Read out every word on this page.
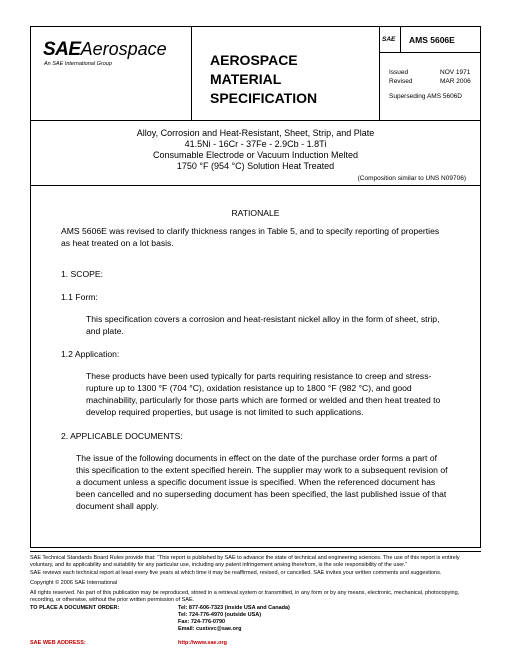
SAEAerospace
An SAE International Group	AEROSPACE
MATERIAL
SPECIFICATION
SAE	AMS 5606E
Issued	NOV 1971
Revised	MAR 2006
Superseding AMS 5606D
Alloy, Corrosion and Heat-Resistant, Sheet, Strip, and Plate
41.5Ni - 16Cr - 37Fe - 2.9Cb - 1.8Ti
Consumable Electrode or Vacuum Induction Melted
1750 °F (954 °C) Solution Heat Treated
(Composition similar to UNS N09706)
RATIONALE
AMS 5606E was revised to clarify thickness ranges in Table 5, and to specify reporting of properties
as heat treated on a lot basis.
1. SCOPE:
1.1 Form:
This specification covers a corrosion and heat-resistant nickel alloy in the form of sheet, strip,
and plate.
1.2 Application:
These products have been used typically for parts requiring resistance to creep and stress-
rupture up to 1300 °F (704 °C), oxidation resistance up to 1800 °F (982 °C), and good
machinability, particularly for those parts which are formed or welded and then heat treated to
develop required properties, but usage is not limited to such applications.
2. APPLICABLE DOCUMENTS:
The issue of the following documents in effect on the date of the purchase order forms a part of
this specification to the extent specified herein. The supplier may work to a subsequent revision of
a document unless a specific document issue is specified. When the referenced document has
been cancelled and no superseding document has been specified, the last published issue of that
document shall apply.
SAE Technical Standards Board Rules provide that: “This report is published by SAE to advance the state of technical and engineering sciences. The use of this report is entirely
voluntary, and its applicability and suitability for any particular use, including any patent infringement arising therefrom, is the sole responsibility of the user.”
SAE reviews each technical report at least every five years at which time it may be reaffirmed, revised, or cancelled. SAE invites your written comments and suggestions.
Copyright © 2006 SAE International
All rights reserved. No part of this publication may be reproduced, stored in a retrieval system or transmitted, in any form or by any means, electronic, mechanical, photocopying,
recording, or otherwise, without the prior written permission of SAE.
TO PLACE A DOCUMENT ORDER:	Tel: 877-606-7323 (inside USA and Canada)
Tel: 724-776-4970 (outside USA)
Fax: 724-776-0790
Email: custsvc@sae.org
SAE WEB ADDRESS:	http://www.sae.org
